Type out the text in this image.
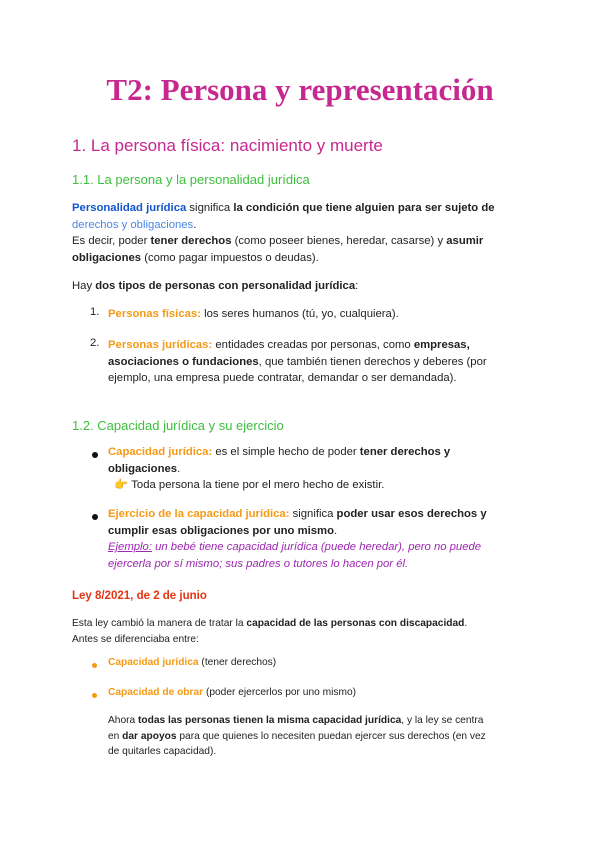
T2: Persona y representación
1. La persona física: nacimiento y muerte
1.1. La persona y la personalidad jurídica

Personalidad jurídica significa la condición que tiene alguien para ser sujeto de
derechos y obligaciones.
Es decir, poder tener derechos (como poseer bienes, heredar, casarse) y asumir
obligaciones (como pagar impuestos o deudas).

Hay dos tipos de personas con personalidad jurídica:

1. Personas físicas: los seres humanos (tú, yo, cualquiera).

2. Personas jurídicas: entidades creadas por personas, como empresas,
asociaciones o fundaciones, que también tienen derechos y deberes (por
ejemplo, una empresa puede contratar, demandar o ser demandada).

1.2. Capacidad jurídica y su ejercicio

Capacidad jurídica: es el simple hecho de poder tener derechos y
obligaciones.
👉 Toda persona la tiene por el mero hecho de existir.

Ejercicio de la capacidad jurídica: significa poder usar esos derechos y
cumplir esas obligaciones por uno mismo.
Ejemplo: un bebé tiene capacidad jurídica (puede heredar), pero no puede
ejercerla por sí mismo; sus padres o tutores lo hacen por él.

Ley 8/2021, de 2 de junio

Esta ley cambió la manera de tratar la capacidad de las personas con discapacidad.
Antes se diferenciaba entre:

Capacidad jurídica (tener derechos)

Capacidad de obrar (poder ejercerlos por uno mismo)

Ahora todas las personas tienen la misma capacidad jurídica, y la ley se centra
en dar apoyos para que quienes lo necesiten puedan ejercer sus derechos (en vez
de quitarles capacidad).
